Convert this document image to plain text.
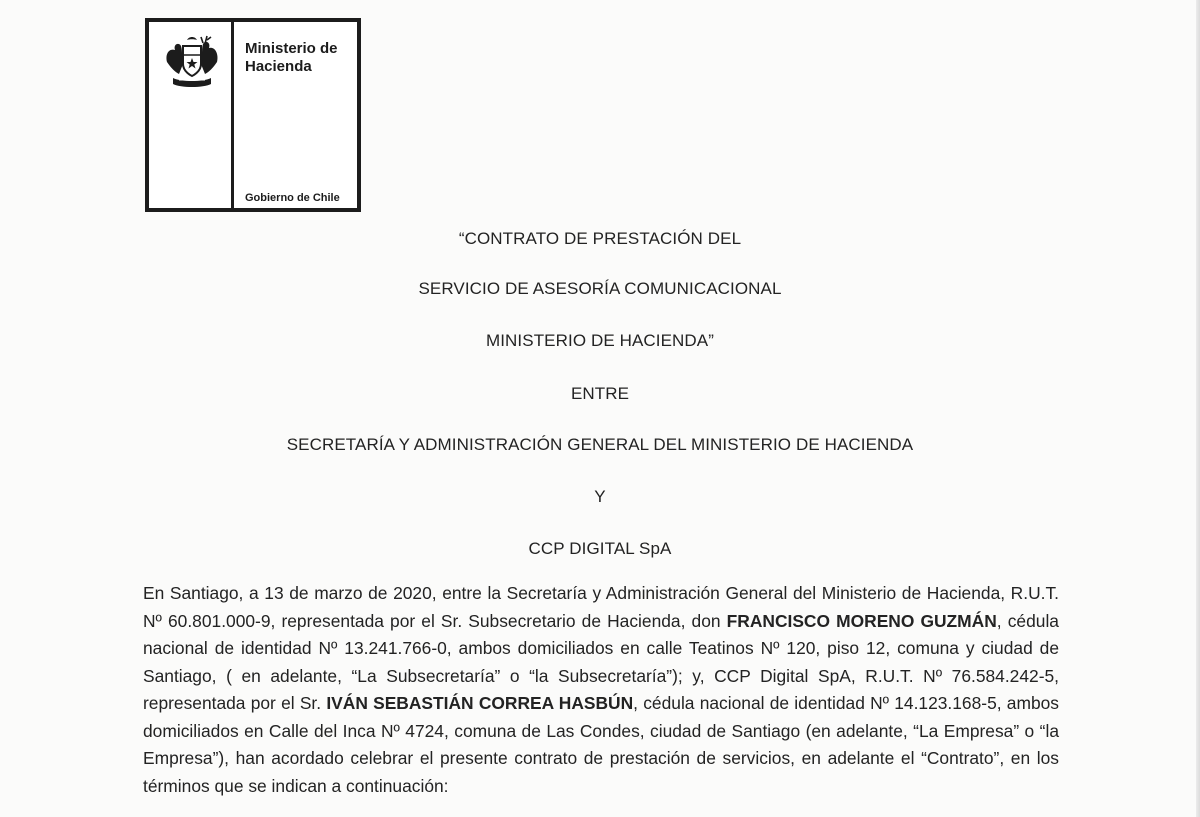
Ministerio de
Hacienda
Gobierno de Chile
“CONTRATO DE PRESTACIÓN DEL
SERVICIO DE ASESORÍA COMUNICACIONAL
MINISTERIO DE HACIENDA”
ENTRE
SECRETARÍA Y ADMINISTRACIÓN GENERAL DEL MINISTERIO DE HACIENDA
Y
CCP DIGITAL SpA
En Santiago, a 13 de marzo de 2020, entre la Secretaría y Administración General del Ministerio de Hacienda, R.U.T. Nº 60.801.000-9, representada por el Sr. Subsecretario de Hacienda, don FRANCISCO MORENO GUZMÁN, cédula nacional de identidad Nº 13.241.766-0, ambos domiciliados en calle Teatinos Nº 120, piso 12, comuna y ciudad de Santiago, ( en adelante, “La Subsecretaría” o “la Subsecretaría”); y, CCP Digital SpA, R.U.T. Nº 76.584.242-5, representada por el Sr. IVÁN SEBASTIÁN CORREA HASBÚN, cédula nacional de identidad Nº 14.123.168-5, ambos domiciliados en Calle del Inca Nº 4724, comuna de Las Condes, ciudad de Santiago (en adelante, “La Empresa” o “la Empresa”), han acordado celebrar el presente contrato de prestación de servicios, en adelante el “Contrato”, en los términos que se indican a continuación:
